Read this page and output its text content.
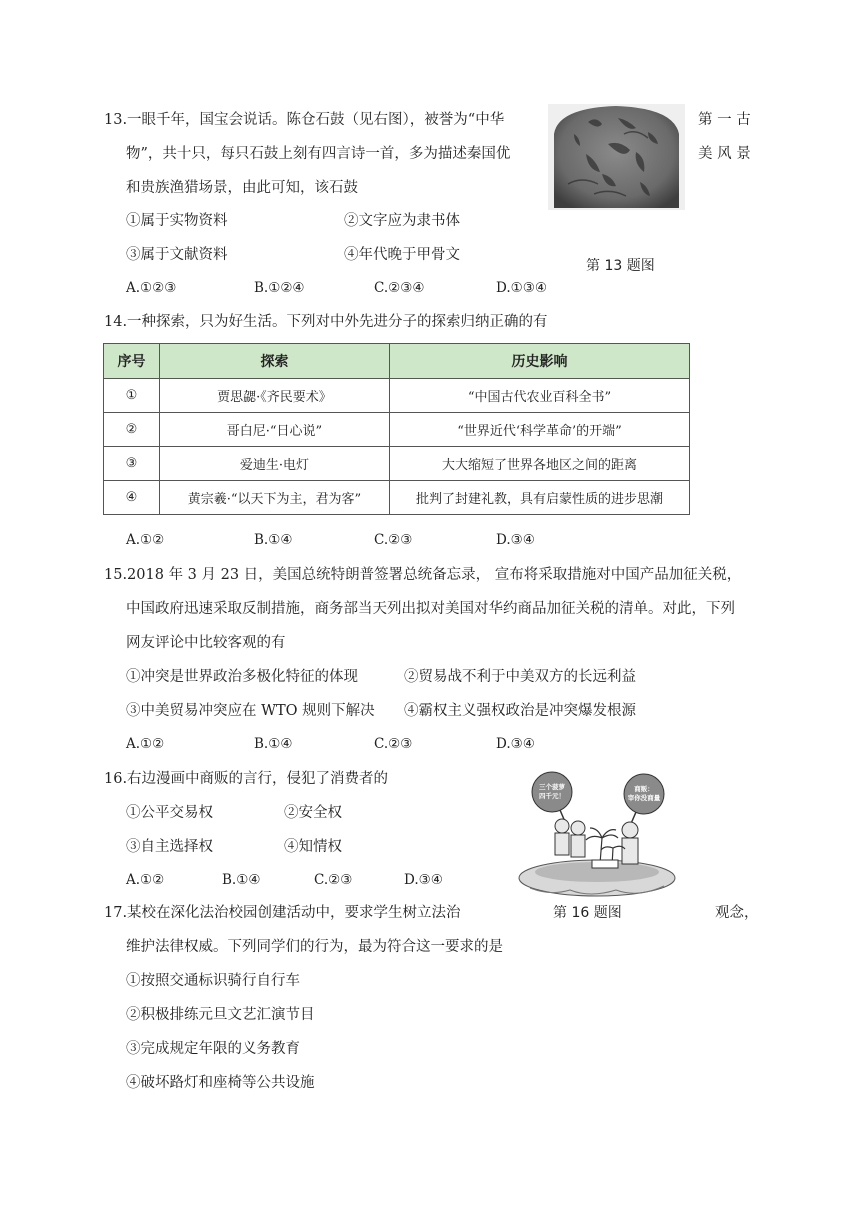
13.一眼千年，国宝会说话。陈仓石鼓（见右图），被誉为“中华	第 一 古
物”，共十只，每只石鼓上刻有四言诗一首，多为描述秦国优	美 风 景
和贵族渔猎场景，由此可知，该石鼓
①属于实物资料	②文字应为隶书体
③属于文献资料	④年代晚于甲骨文
第 13 题图
A.①②③	B.①②④	C.②③④	D.①③④
14.一种探索，只为好生活。下列对中外先进分子的探索归纳正确的有
序号	探索	历史影响
①	贾思勰·《齐民要术》	“中国古代农业百科全书”
②	哥白尼·“日心说”	“世界近代‘科学革命’的开端”
③	爱迪生·电灯	大大缩短了世界各地区之间的距离
④	黄宗羲·“以天下为主，君为客”	批判了封建礼教，具有启蒙性质的进步思潮
A.①②	B.①④	C.②③	D.③④
15.2018 年 3 月 23 日，美国总统特朗普签署总统备忘录， 宣布将采取措施对中国产品加征关税，
中国政府迅速采取反制措施，商务部当天列出拟对美国对华约商品加征关税的清单。对此，下列
网友评论中比较客观的有
①冲突是世界政治多极化特征的体现	②贸易战不利于中美双方的长远利益
③中美贸易冲突应在 WTO 规则下解决 ④霸权主义强权政治是冲突爆发根源
A.①②	B.①④	C.②③	D.③④
16.右边漫画中商贩的言行，侵犯了消费者的
①公平交易权	②安全权
③自主选择权	④知情权
A.①②	B.①④	C.②③	D.③④
三个菠萝
四千元！
商贩：
宰你没商量
第 16 题图
17.某校在深化法治校园创建活动中，要求学生树立法治	观念，
维护法律权威。下列同学们的行为，最为符合这一要求的是
①按照交通标识骑行自行车
②积极排练元旦文艺汇演节目
③完成规定年限的义务教育
④破坏路灯和座椅等公共设施
